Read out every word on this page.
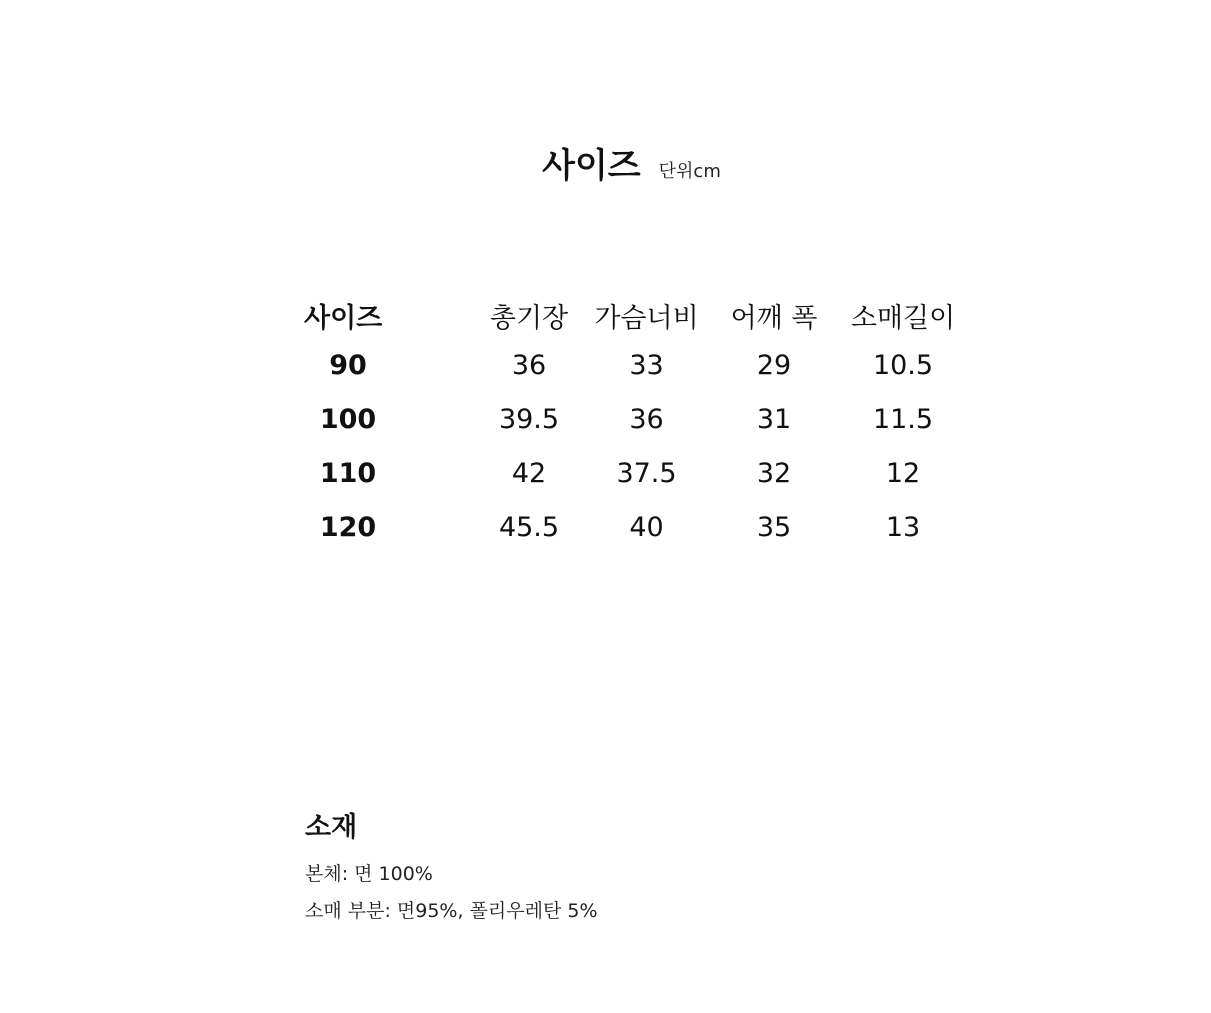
사이즈 단위cm
사이즈		총기장	가슴너비	어깨 폭	소매길이
90		36	33	29	10.5
100		39.5	36	31	11.5
110		42	37.5	32	12
120		45.5	40	35	13
소재
본체: 면 100%
소매 부분: 면95%, 폴리우레탄 5%
